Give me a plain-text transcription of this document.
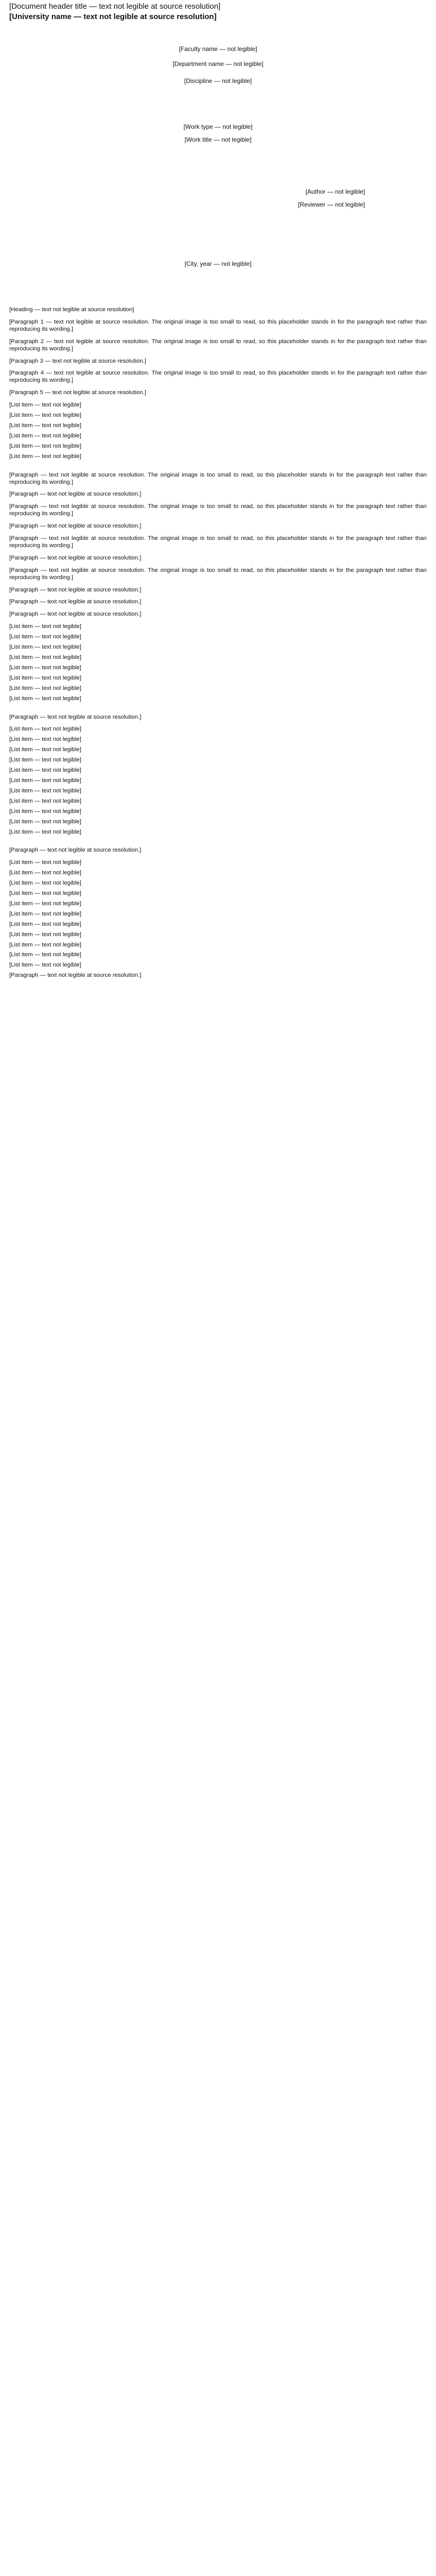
[Document header title — text not legible at source resolution]
[University name — text not legible at source resolution]
[Faculty name — not legible]
[Department name — not legible]
[Discipline — not legible]
[Work type — not legible]
[Work title — not legible]
[Author — not legible]
[Reviewer — not legible]
[City, year — not legible]

[Heading — text not legible at source resolution]

[Paragraph 1 — text not legible at source resolution. The original image is too small to read, so this placeholder stands in for the paragraph text rather than reproducing its wording.]

[Paragraph 2 — text not legible at source resolution. The original image is too small to read, so this placeholder stands in for the paragraph text rather than reproducing its wording.]

[Paragraph 3 — text not legible at source resolution.]

[Paragraph 4 — text not legible at source resolution. The original image is too small to read, so this placeholder stands in for the paragraph text rather than reproducing its wording.]

[Paragraph 5 — text not legible at source resolution.]

[List item — text not legible]

[List item — text not legible]

[List item — text not legible]

[List item — text not legible]

[List item — text not legible]

[List item — text not legible]

[Paragraph — text not legible at source resolution. The original image is too small to read, so this placeholder stands in for the paragraph text rather than reproducing its wording.]

[Paragraph — text not legible at source resolution.]

[Paragraph — text not legible at source resolution. The original image is too small to read, so this placeholder stands in for the paragraph text rather than reproducing its wording.]

[Paragraph — text not legible at source resolution.]

[Paragraph — text not legible at source resolution. The original image is too small to read, so this placeholder stands in for the paragraph text rather than reproducing its wording.]

[Paragraph — text not legible at source resolution.]

[Paragraph — text not legible at source resolution. The original image is too small to read, so this placeholder stands in for the paragraph text rather than reproducing its wording.]

[Paragraph — text not legible at source resolution.]

[Paragraph — text not legible at source resolution.]

[Paragraph — text not legible at source resolution.]

[List item — text not legible]

[List item — text not legible]

[List item — text not legible]

[List item — text not legible]

[List item — text not legible]

[List item — text not legible]

[List item — text not legible]

[List item — text not legible]

[Paragraph — text not legible at source resolution.]

[List item — text not legible]

[List item — text not legible]

[List item — text not legible]

[List item — text not legible]

[List item — text not legible]

[List item — text not legible]

[List item — text not legible]

[List item — text not legible]

[List item — text not legible]

[List item — text not legible]

[List item — text not legible]

[Paragraph — text not legible at source resolution.]

[List item — text not legible]

[List item — text not legible]

[List item — text not legible]

[List item — text not legible]

[List item — text not legible]

[List item — text not legible]

[List item — text not legible]

[List item — text not legible]

[List item — text not legible]

[List item — text not legible]

[List item — text not legible]

[Paragraph — text not legible at source resolution.]
